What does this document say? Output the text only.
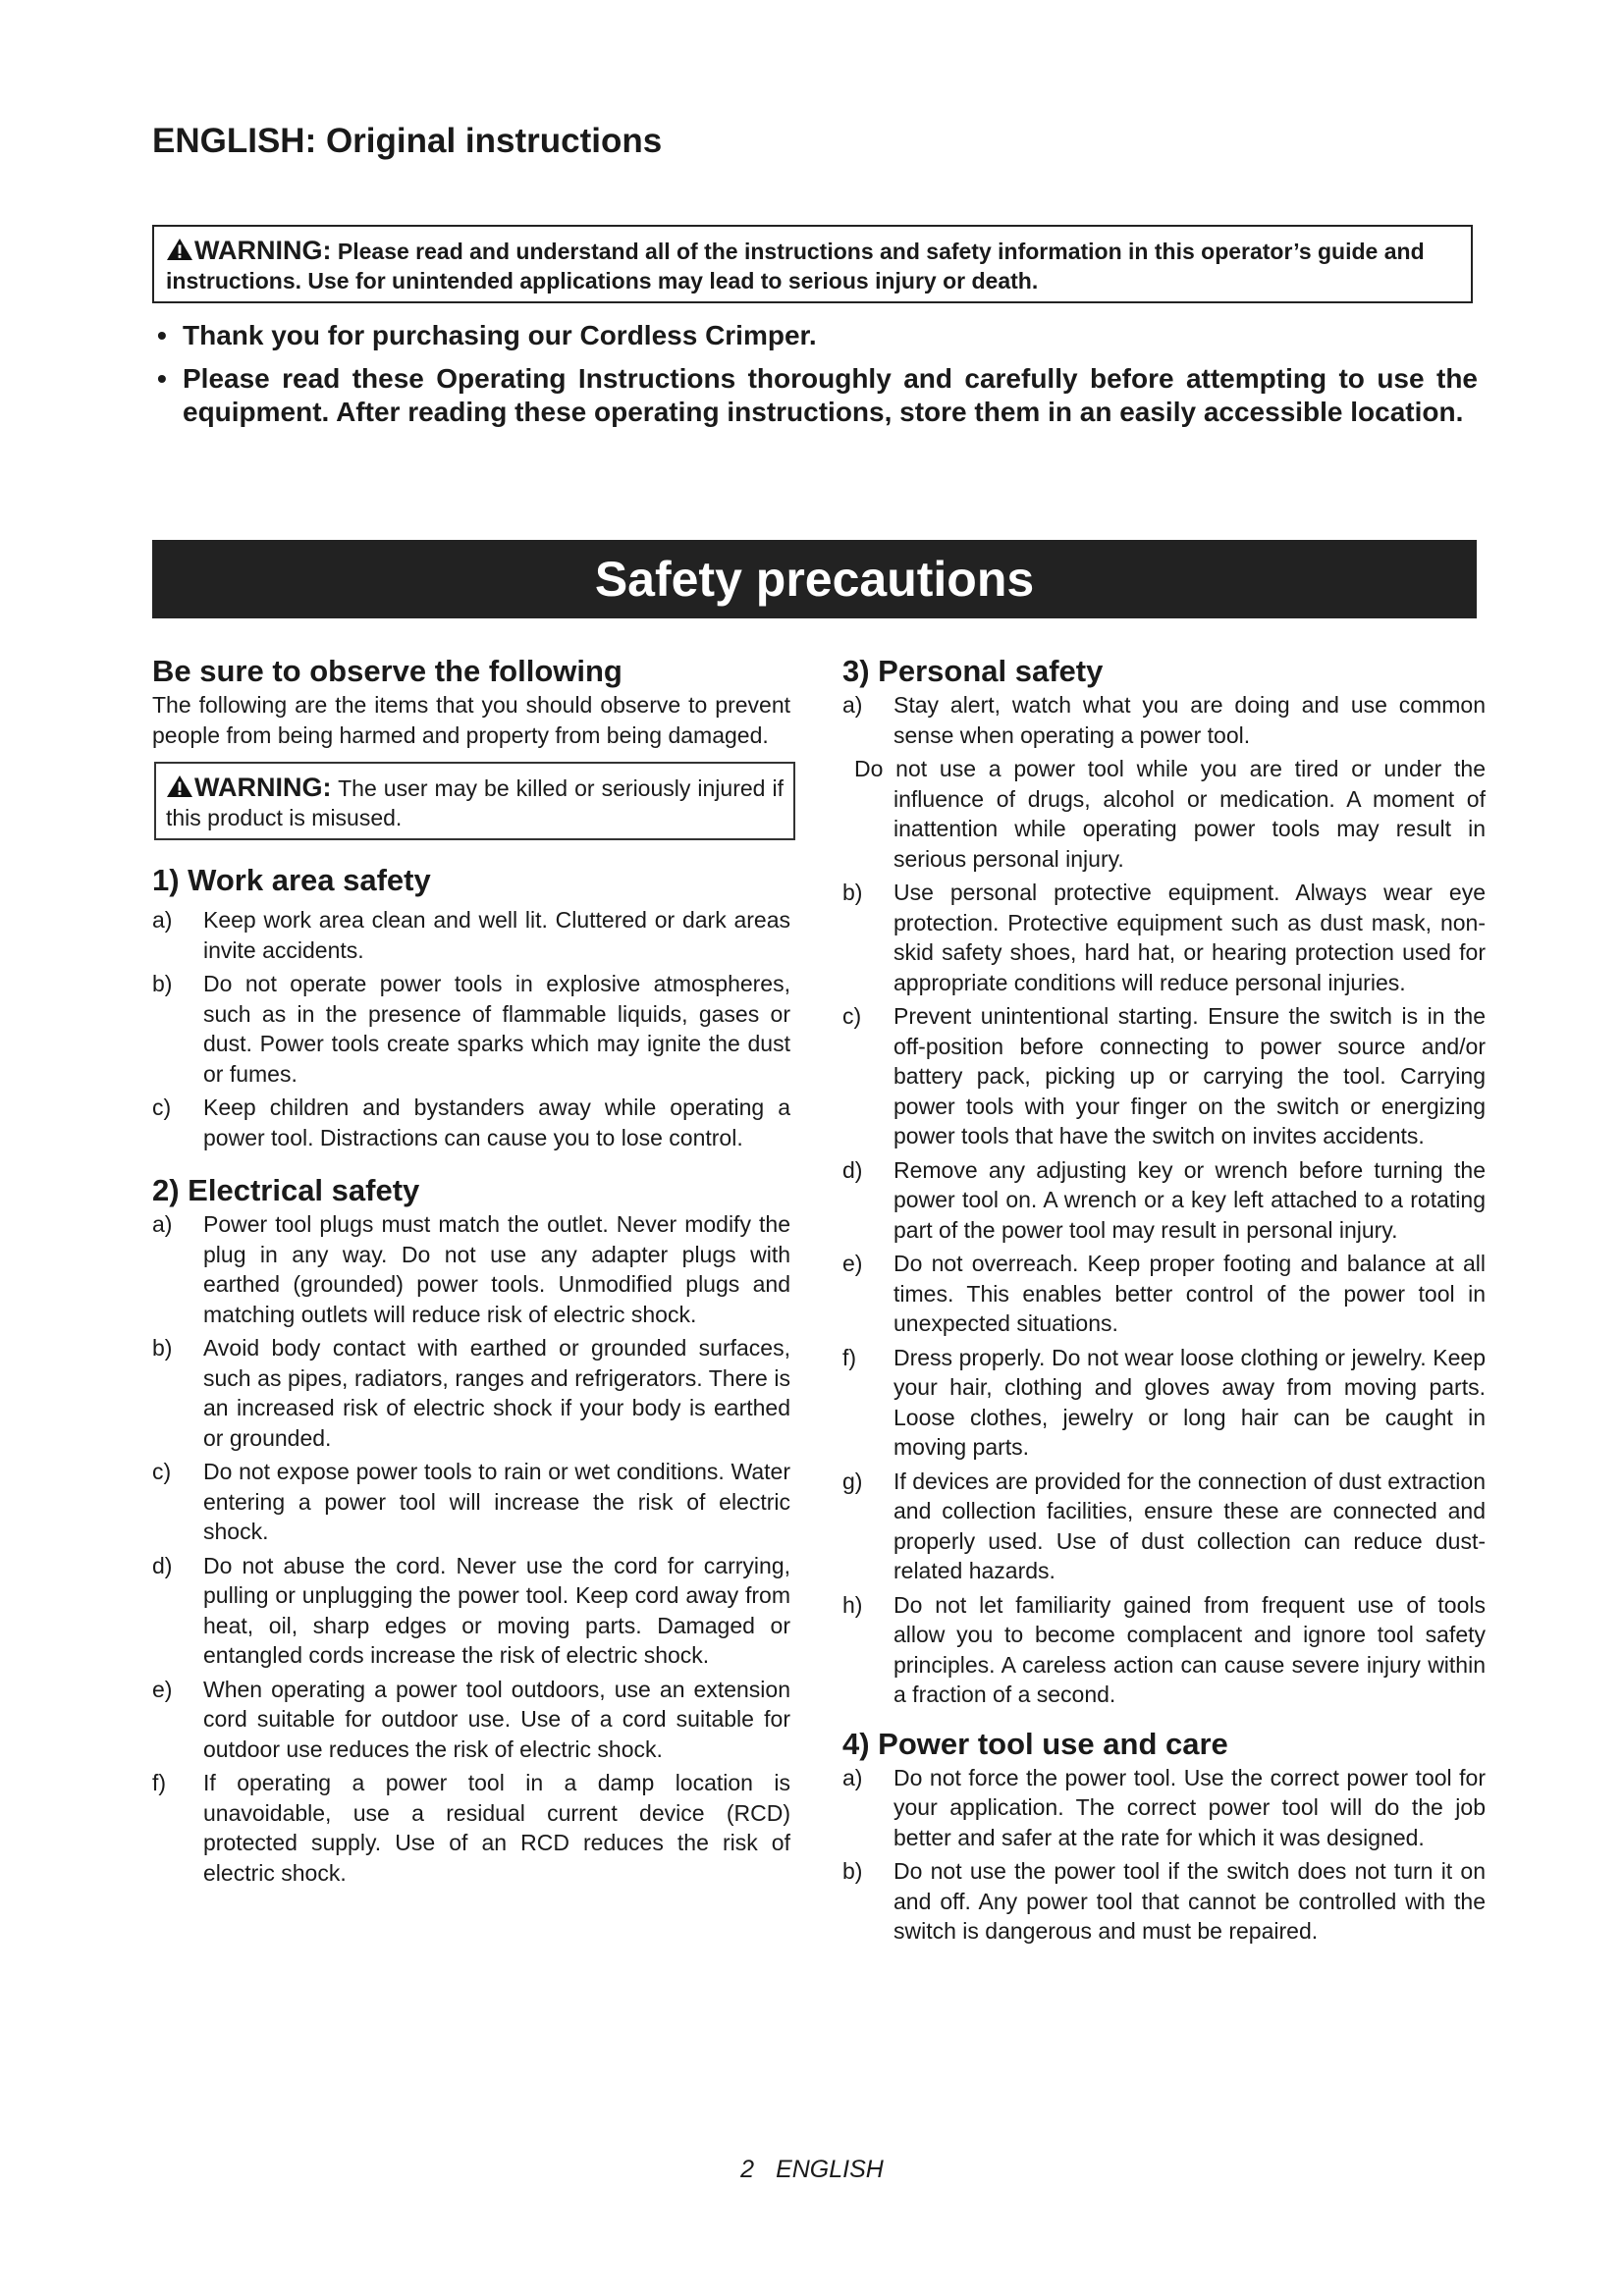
ENGLISH: Original instructions
WARNING: Please read and understand all of the instructions and safety information in this operator’s guide and instructions. Use for unintended applications may lead to serious injury or death.
• Thank you for purchasing our Cordless Crimper.
• Please read these Operating Instructions thoroughly and carefully before attempting to use the equipment. After reading these operating instructions, store them in an easily accessible location.
Safety precautions
Be sure to observe the following

The following are the items that you should observe to prevent people from being harmed and property from being damaged.

WARNING: The user may be killed or seriously injured if this product is misused.
1) Work area safety
a) Keep work area clean and well lit. Cluttered or dark areas invite accidents.
b) Do not operate power tools in explosive atmospheres, such as in the presence of flammable liquids, gases or dust. Power tools create sparks which may ignite the dust or fumes.
c) Keep children and bystanders away while operating a power tool. Distractions can cause you to lose control.
2) Electrical safety
a) Power tool plugs must match the outlet. Never modify the plug in any way. Do not use any adapter plugs with earthed (grounded) power tools. Unmodified plugs and matching outlets will reduce risk of electric shock.
b) Avoid body contact with earthed or grounded surfaces, such as pipes, radiators, ranges and refrigerators. There is an increased risk of electric shock if your body is earthed or grounded.
c) Do not expose power tools to rain or wet conditions. Water entering a power tool will increase the risk of electric shock.
d) Do not abuse the cord. Never use the cord for carrying, pulling or unplugging the power tool. Keep cord away from heat, oil, sharp edges or moving parts. Damaged or entangled cords increase the risk of electric shock.
e) When operating a power tool outdoors, use an extension cord suitable for outdoor use. Use of a cord suitable for outdoor use reduces the risk of electric shock.
f) If operating a power tool in a damp location is unavoidable, use a residual current device (RCD) protected supply. Use of an RCD reduces the risk of electric shock.
3) Personal safety
a) Stay alert, watch what you are doing and use common sense when operating a power tool.
Do not use a power tool while you are tired or under the influence of drugs, alcohol or medication. A moment of inattention while operating power tools may result in serious personal injury.
b) Use personal protective equipment. Always wear eye protection. Protective equipment such as dust mask, non-skid safety shoes, hard hat, or hearing protection used for appropriate conditions will reduce personal injuries.
c) Prevent unintentional starting. Ensure the switch is in the off-position before connecting to power source and/or battery pack, picking up or carrying the tool. Carrying power tools with your finger on the switch or energizing power tools that have the switch on invites accidents.
d) Remove any adjusting key or wrench before turning the power tool on. A wrench or a key left attached to a rotating part of the power tool may result in personal injury.
e) Do not overreach. Keep proper footing and balance at all times. This enables better control of the power tool in unexpected situations.
f) Dress properly. Do not wear loose clothing or jewelry. Keep your hair, clothing and gloves away from moving parts. Loose clothes, jewelry or long hair can be caught in moving parts.
g) If devices are provided for the connection of dust extraction and collection facilities, ensure these are connected and properly used. Use of dust collection can reduce dust-related hazards.
h) Do not let familiarity gained from frequent use of tools allow you to become complacent and ignore tool safety principles. A careless action can cause severe injury within a fraction of a second.
4) Power tool use and care
a) Do not force the power tool. Use the correct power tool for your application. The correct power tool will do the job better and safer at the rate for which it was designed.
b) Do not use the power tool if the switch does not turn it on and off. Any power tool that cannot be controlled with the switch is dangerous and must be repaired.
2 ENGLISH
